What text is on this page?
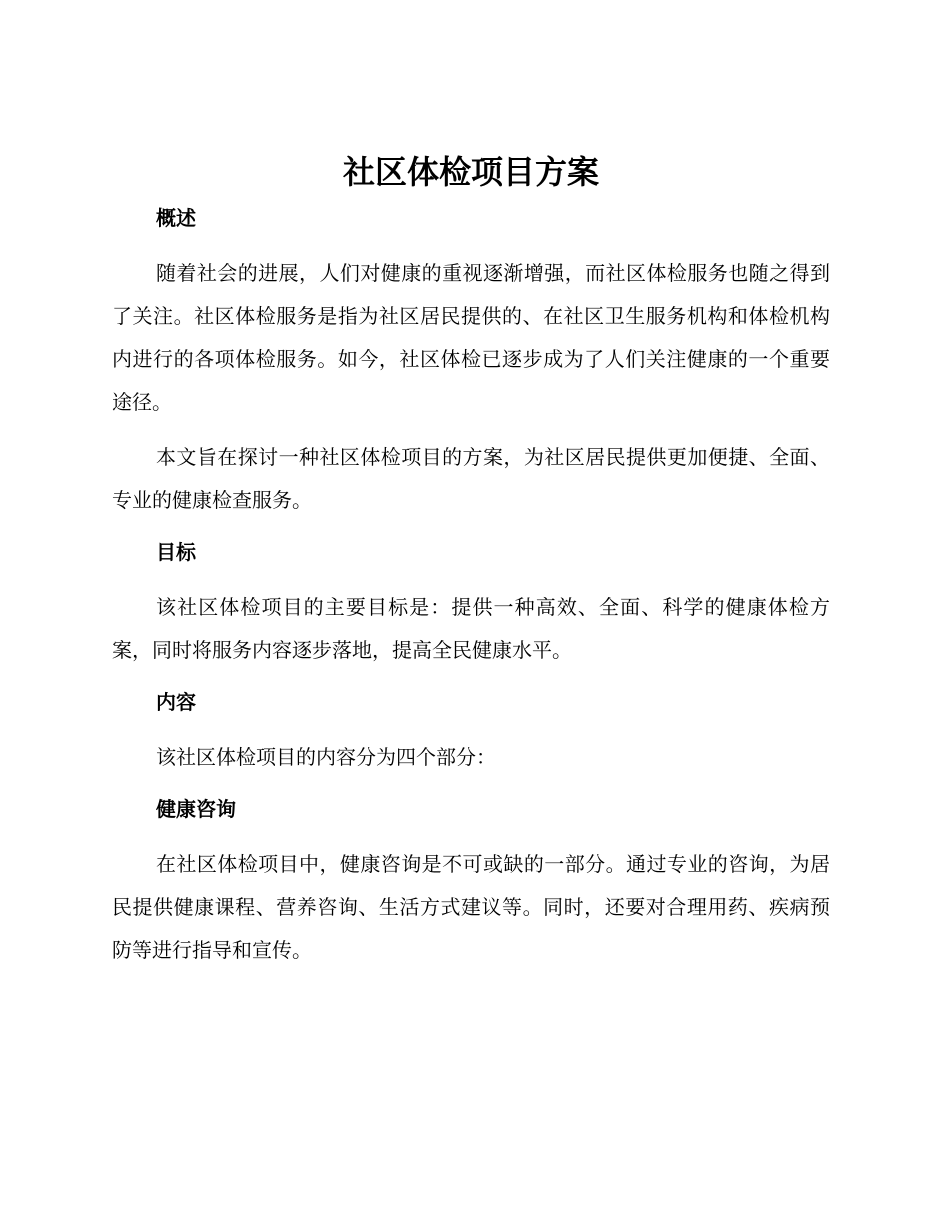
社区体检项目方案
概述

随着社会的进展，人们对健康的重视逐渐增强，而社区体检服务也随之得到了关注。社区体检服务是指为社区居民提供的、在社区卫生服务机构和体检机构内进行的各项体检服务。如今，社区体检已逐步成为了人们关注健康的一个重要途径。

本文旨在探讨一种社区体检项目的方案，为社区居民提供更加便捷、全面、专业的健康检查服务。

目标

该社区体检项目的主要目标是：提供一种高效、全面、科学的健康体检方案，同时将服务内容逐步落地，提高全民健康水平。

内容

该社区体检项目的内容分为四个部分：

健康咨询

在社区体检项目中，健康咨询是不可或缺的一部分。通过专业的咨询，为居民提供健康课程、营养咨询、生活方式建议等。同时，还要对合理用药、疾病预防等进行指导和宣传。
